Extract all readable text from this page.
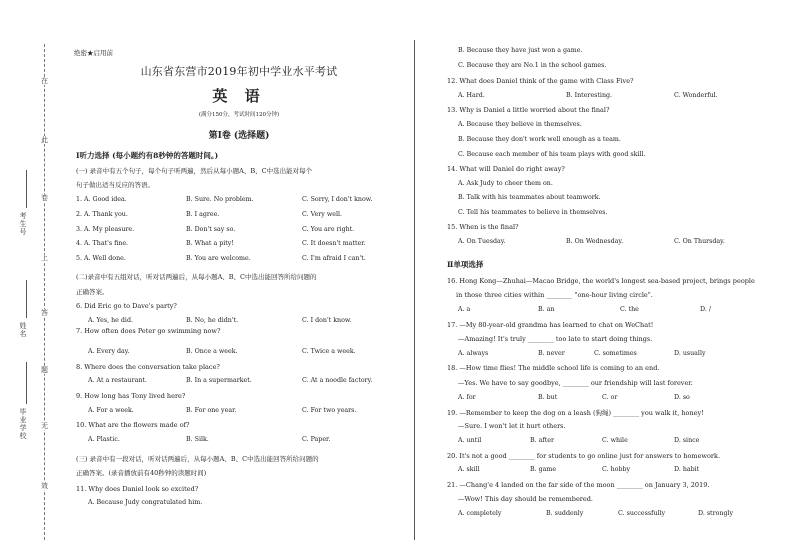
在
此
卷
上
答
题
无
效
考生号
姓名
毕业学校
绝密★启用前
山东省东营市2019年初中学业水平考试
英 语
(满分150分，考试时间120分钟)
第Ⅰ卷 (选择题)
Ⅰ听力选择 (每小题约有8秒钟的答题时间。)
(一) 录音中有五个句子，每个句子听两遍，然后从每小题A、B、C中选出能对每个
句子做出适当反应的答语。
1. A. Good idea.	B. Sure. No problem.	C. Sorry, I don't know.
2. A. Thank you.	B. I agree.	C. Very well.
3. A. My pleasure.	B. Don't say so.	C. You are right.
4. A. That's fine.	B. What a pity!	C. It doesn't matter.
5. A. Well done.	B. You are welcome.	C. I'm afraid I can't.
(二)录音中有五组对话，听对话两遍后，从每小题A、B、C中选出能回答所给问题的
正确答案。
6. Did Eric go to Dave's party?
A. Yes, he did.	B. No, he didn't.	C. I don't know.
7. How often does Peter go swimming now?
A. Every day.	B. Once a week.	C. Twice a week.
8. Where does the conversation take place?
A. At a restaurant.	B. In a supermarket.	C. At a noodle factory.
9. How long has Tony lived here?
A. For a week.	B. For one year.	C. For two years.
10. What are the flowers made of?
A. Plastic.	B. Silk.	C. Paper.
(三) 录音中有一段对话，听对话两遍后，从每小题A、B、C中选出能回答所给问题的
正确答案。(录音播放前有40秒钟的读题时间)
11. Why does Daniel look so excited?
A. Because Judy congratulated him.
B. Because they have just won a game.
C. Because they are No.1 in the school games.
12. What does Daniel think of the game with Class Five?
A. Hard.	B. Interesting.	C. Wonderful.
13. Why is Daniel a little worried about the final?
A. Because they believe in themselves.
B. Because they don't work well enough as a team.
C. Because each member of his team plays with good skill.
14. What will Daniel do right away?
A. Ask Judy to cheer them on.
B. Talk with his teammates about teamwork.
C. Tell his teammates to believe in themselves.
15. When is the final?
A. On Tuesday.	B. On Wednesday.	C. On Thursday.
Ⅱ单项选择
16. Hong Kong—Zhuhai—Macao Bridge, the world's longest sea-based project, brings people
in those three cities within ________ "one-hour living circle".
A. a	B. an	C. the	D. /
17. —My 80-year-old grandma has learned to chat on WeChat!
—Amazing! It's truly ________ too late to start doing things.
A. always	B. never	C. sometimes	D. usually
18. —How time flies! The middle school life is coming to an end.
—Yes. We have to say goodbye, ________ our friendship will last forever.
A. for	B. but	C. or	D. so
19. —Remember to keep the dog on a leash (狗绳) ________ you walk it, honey!
—Sure. I won't let it hurt others.
A. until	B. after	C. while	D. since
20. It's not a good ________ for students to go online just for answers to homework.
A. skill	B. game	C. hobby	D. habit
21. —Chang'e 4 landed on the far side of the moon ________ on January 3, 2019.
—Wow! This day should be remembered.
A. completely	B. suddenly	C. successfully	D. strongly
